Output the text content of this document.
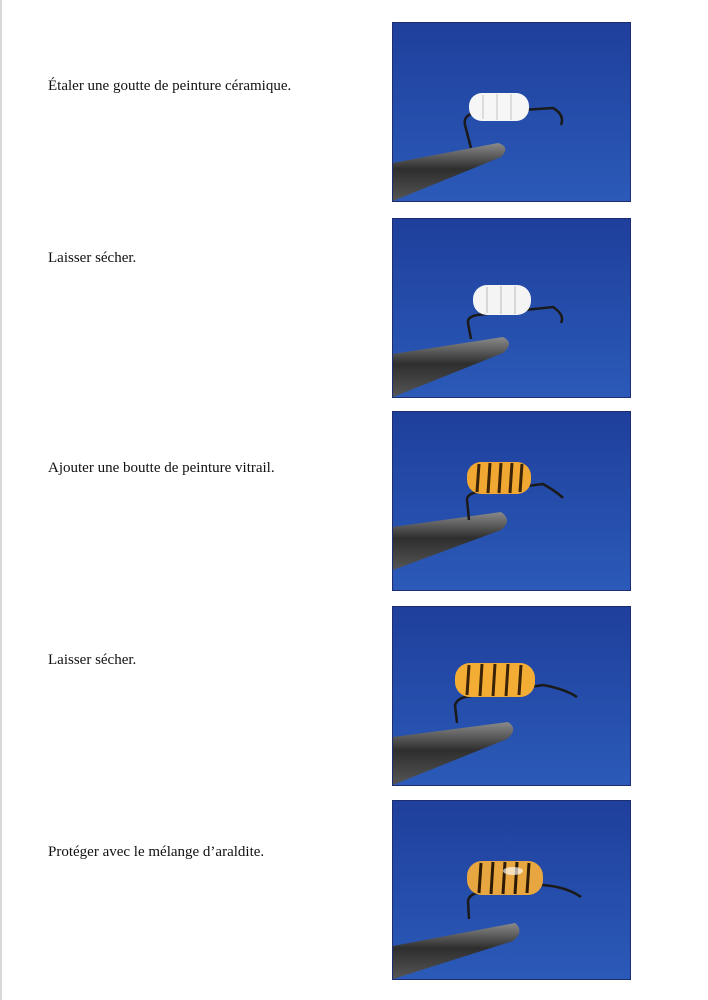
Étaler une goutte de peinture céramique.
Laisser sécher.
Ajouter une boutte de peinture vitrail.
Laisser sécher.
Protéger avec le mélange d’araldite.
